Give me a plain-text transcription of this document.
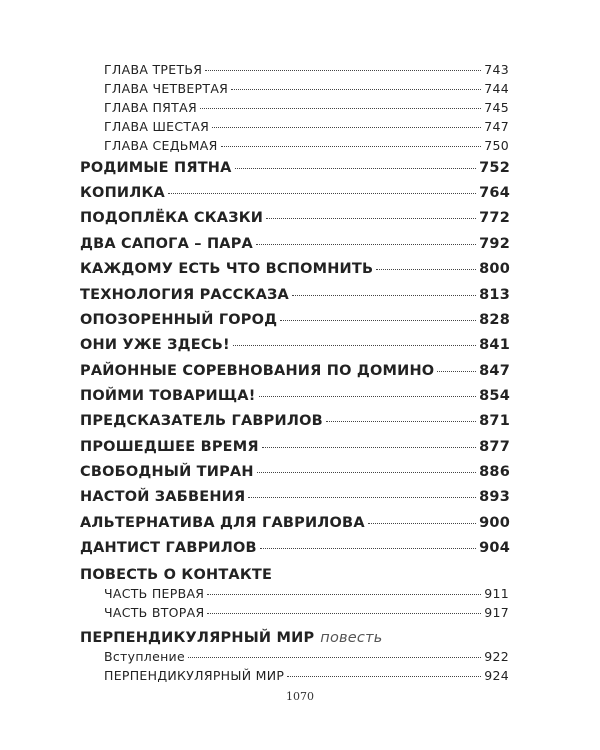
ГЛАВА ТРЕТЬЯ	743
ГЛАВА ЧЕТВЕРТАЯ	744
ГЛАВА ПЯТАЯ	745
ГЛАВА ШЕСТАЯ	747
ГЛАВА СЕДЬМАЯ	750
РОДИМЫЕ ПЯТНА	752
КОПИЛКА	764
ПОДОПЛЁКА СКАЗКИ	772
ДВА САПОГА – ПАРА	792
КАЖДОМУ ЕСТЬ ЧТО ВСПОМНИТЬ	800
ТЕХНОЛОГИЯ РАССКАЗА	813
ОПОЗОРЕННЫЙ ГОРОД	828
ОНИ УЖЕ ЗДЕСЬ!	841
РАЙОННЫЕ СОРЕВНОВАНИЯ ПО ДОМИНО	847
ПОЙМИ ТОВАРИЩА!	854
ПРЕДСКАЗАТЕЛЬ ГАВРИЛОВ	871
ПРОШЕДШЕЕ ВРЕМЯ	877
СВОБОДНЫЙ ТИРАН	886
НАСТОЙ ЗАБВЕНИЯ	893
АЛЬТЕРНАТИВА ДЛЯ ГАВРИЛОВА	900
ДАНТИСТ ГАВРИЛОВ	904
ПОВЕСТЬ О КОНТАКТЕ
ЧАСТЬ ПЕРВАЯ	911
ЧАСТЬ ВТОРАЯ	917
ПЕРПЕНДИКУЛЯРНЫЙ МИР повесть
Вступление	922
ПЕРПЕНДИКУЛЯРНЫЙ МИР	924
1070
